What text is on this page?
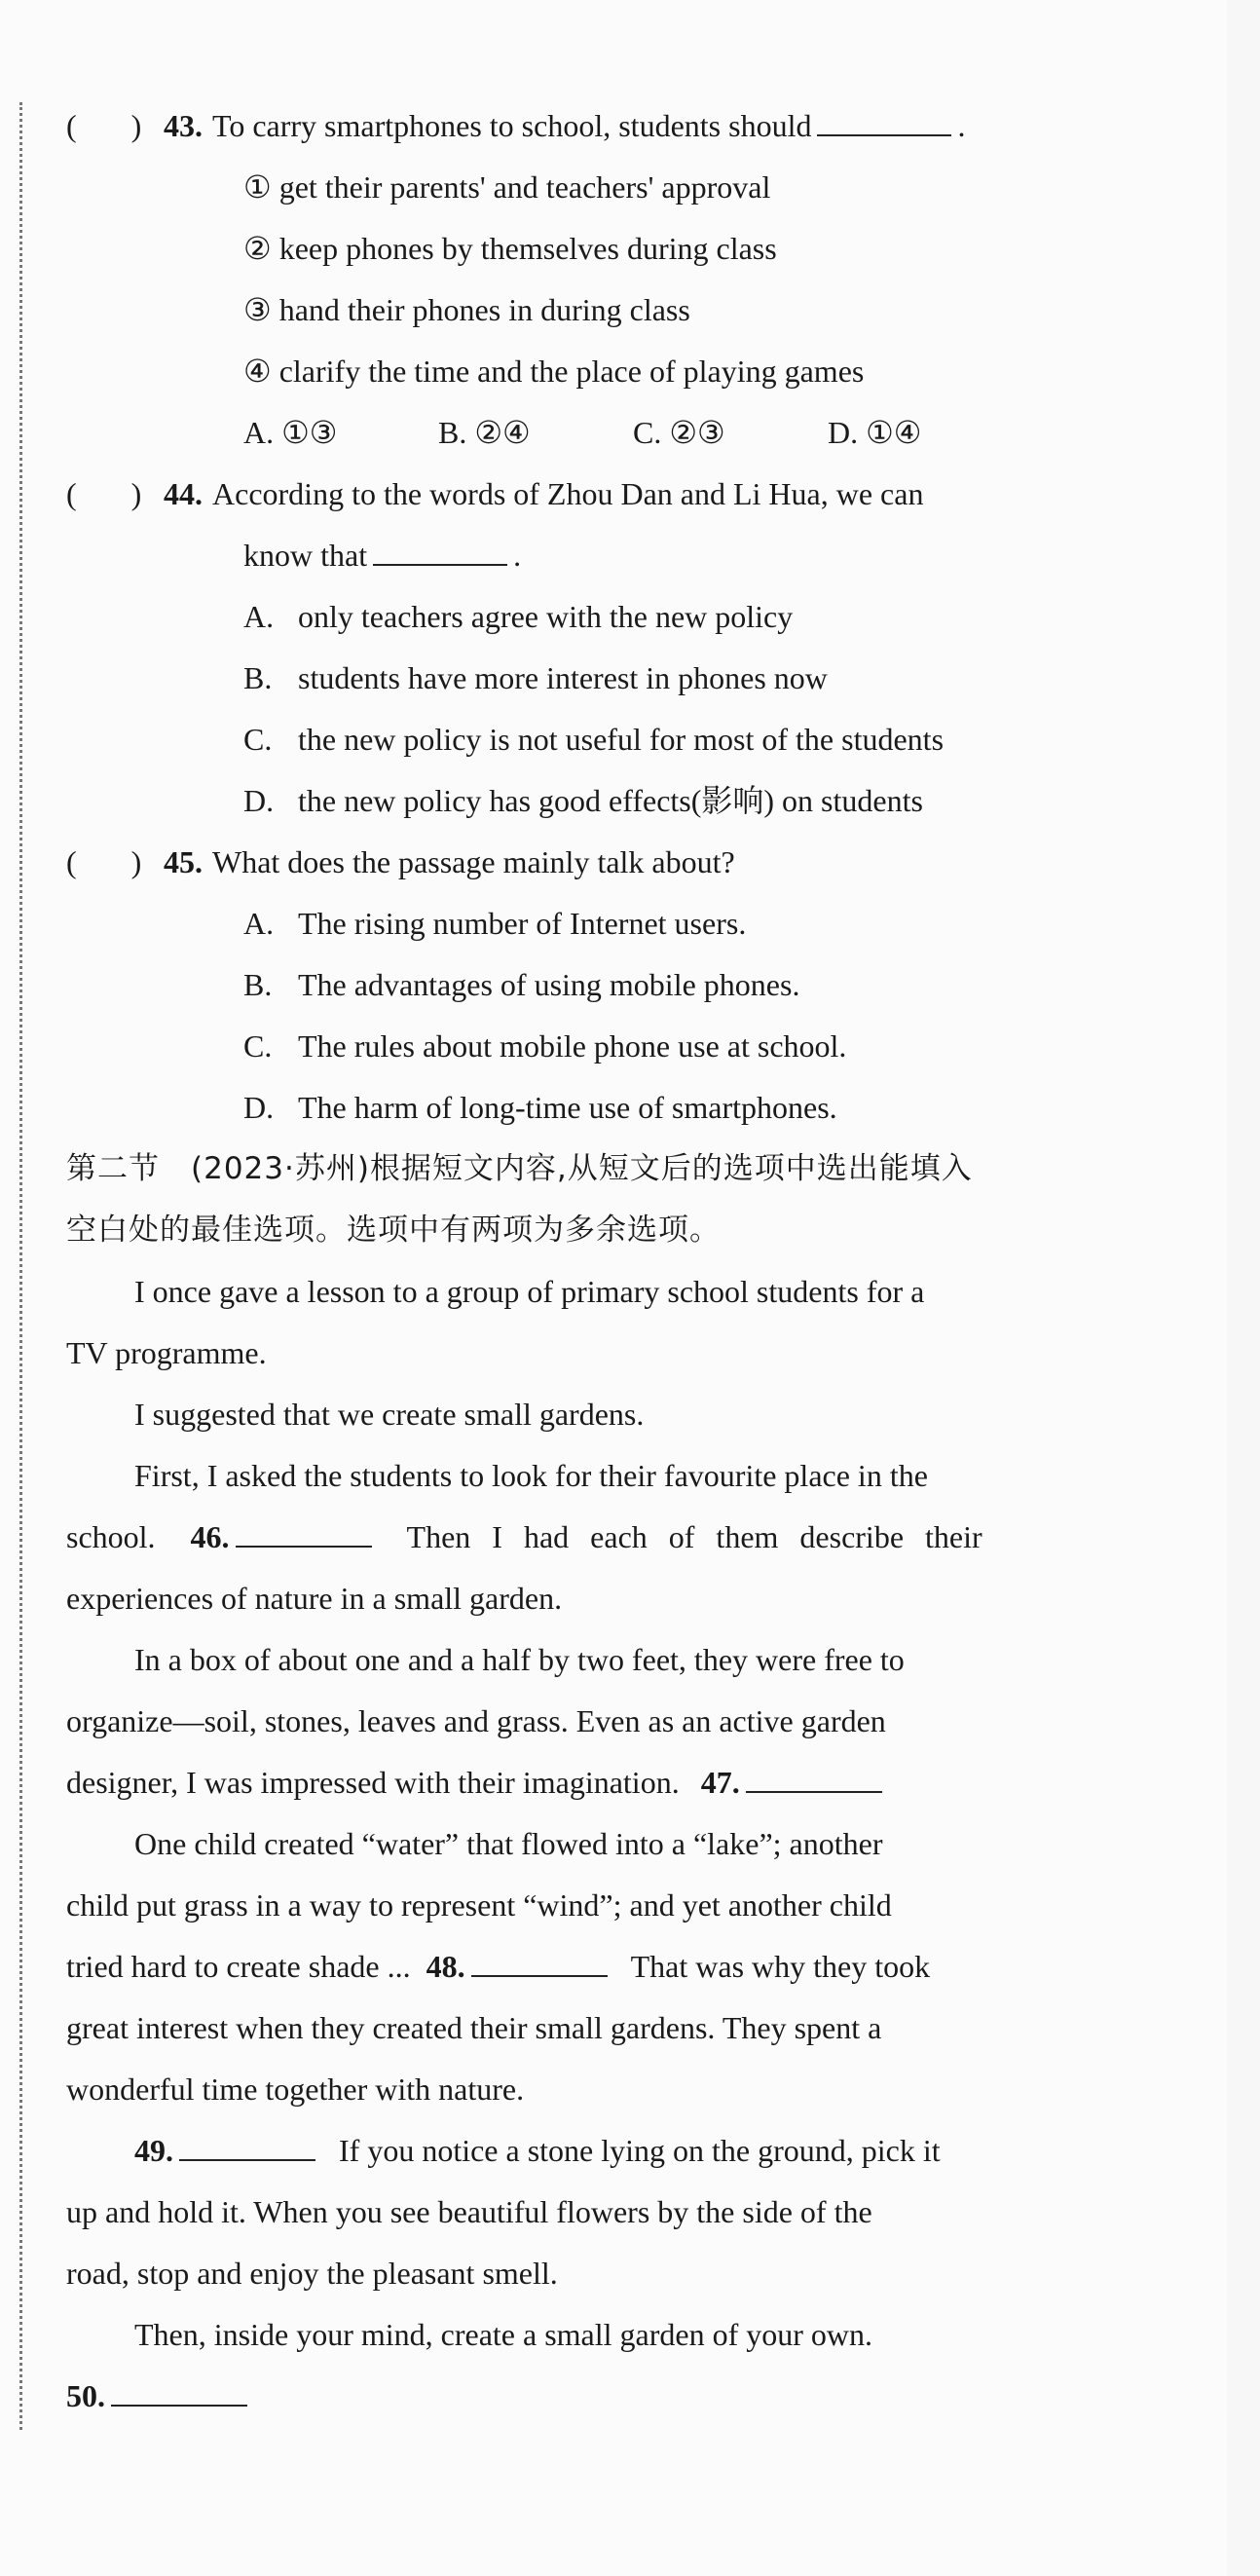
( ) 43. To carry smartphones to school, students should	.
① get their parents' and teachers' approval
② keep phones by themselves during class
③ hand their phones in during class
④ clarify the time and the place of playing games
A. ①③	B. ②④	C. ②③	D. ①④
( ) 44. According to the words of Zhou Dan and Li Hua, we can
know that	.
A. only teachers agree with the new policy
B. students have more interest in phones now
C. the new policy is not useful for most of the students
D. the new policy has good effects(影响) on students
( ) 45. What does the passage mainly talk about?
A. The rising number of Internet users.
B. The advantages of using mobile phones.
C. The rules about mobile phone use at school.
D. The harm of long-time use of smartphones.
第二节　(2023·苏州)根据短文内容,从短文后的选项中选出能填入
空白处的最佳选项。选项中有两项为多余选项。
I once gave a lesson to a group of primary school students for a
TV programme.
I suggested that we create small gardens.
First, I asked the students to look for their favourite place in the
school. 46.	Then I had each of them describe their
experiences of nature in a small garden.
In a box of about one and a half by two feet, they were free to
organize—soil, stones, leaves and grass. Even as an active garden
designer, I was impressed with their imagination. 47.
One child created “water” that flowed into a “lake”; another
child put grass in a way to represent “wind”; and yet another child
tried hard to create shade ... 48.	That was why they took
great interest when they created their small gardens. They spent a
wonderful time together with nature.
49.	If you notice a stone lying on the ground, pick it
up and hold it. When you see beautiful flowers by the side of the
road, stop and enjoy the pleasant smell.
Then, inside your mind, create a small garden of your own.
50.
